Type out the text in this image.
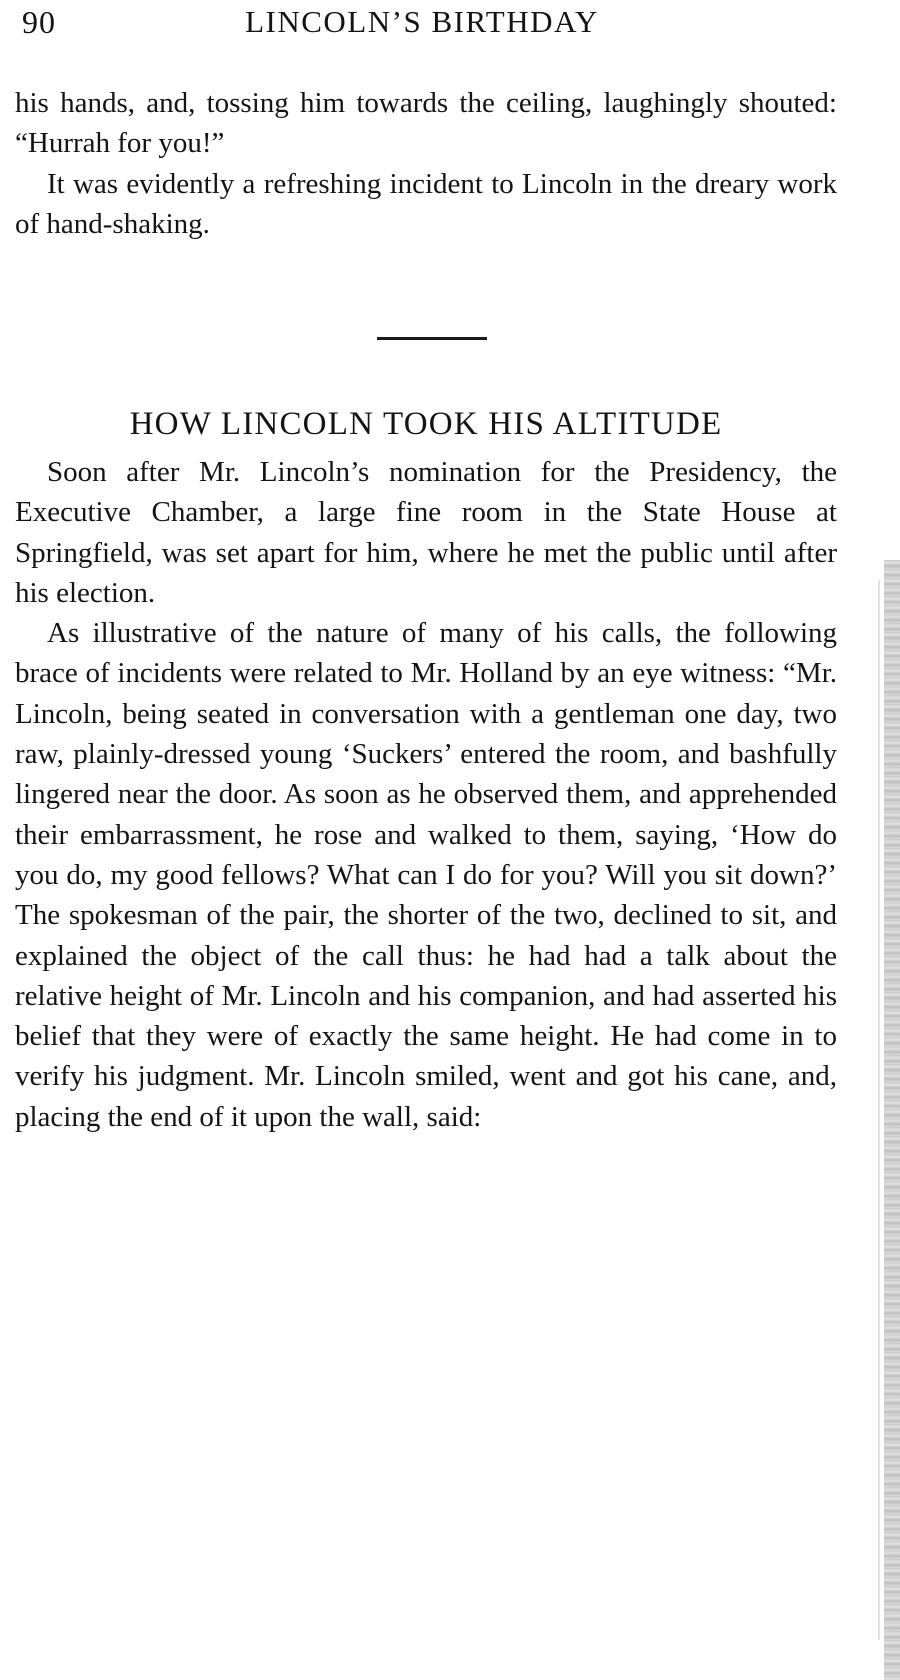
90	LINCOLN’S BIRTHDAY

his hands, and, tossing him towards the ceiling, laughingly shouted: “Hurrah for you!”

It was evidently a refreshing incident to Lincoln in the dreary work of hand-shaking.

HOW LINCOLN TOOK HIS ALTITUDE

Soon after Mr. Lincoln’s nomination for the Presidency, the Executive Chamber, a large fine room in the State House at Springfield, was set apart for him, where he met the public until after his election.

As illustrative of the nature of many of his calls, the following brace of incidents were related to Mr. Holland by an eye witness: “Mr. Lincoln, being seated in conversation with a gentleman one day, two raw, plainly-dressed young ‘Suckers’ entered the room, and bashfully lingered near the door. As soon as he observed them, and apprehended their embarrassment, he rose and walked to them, saying, ‘How do you do, my good fellows? What can I do for you? Will you sit down?’ The spokesman of the pair, the shorter of the two, declined to sit, and explained the object of the call thus: he had had a talk about the relative height of Mr. Lincoln and his companion, and had asserted his belief that they were of exactly the same height. He had come in to verify his judgment. Mr. Lincoln smiled, went and got his cane, and, placing the end of it upon the wall, said:
